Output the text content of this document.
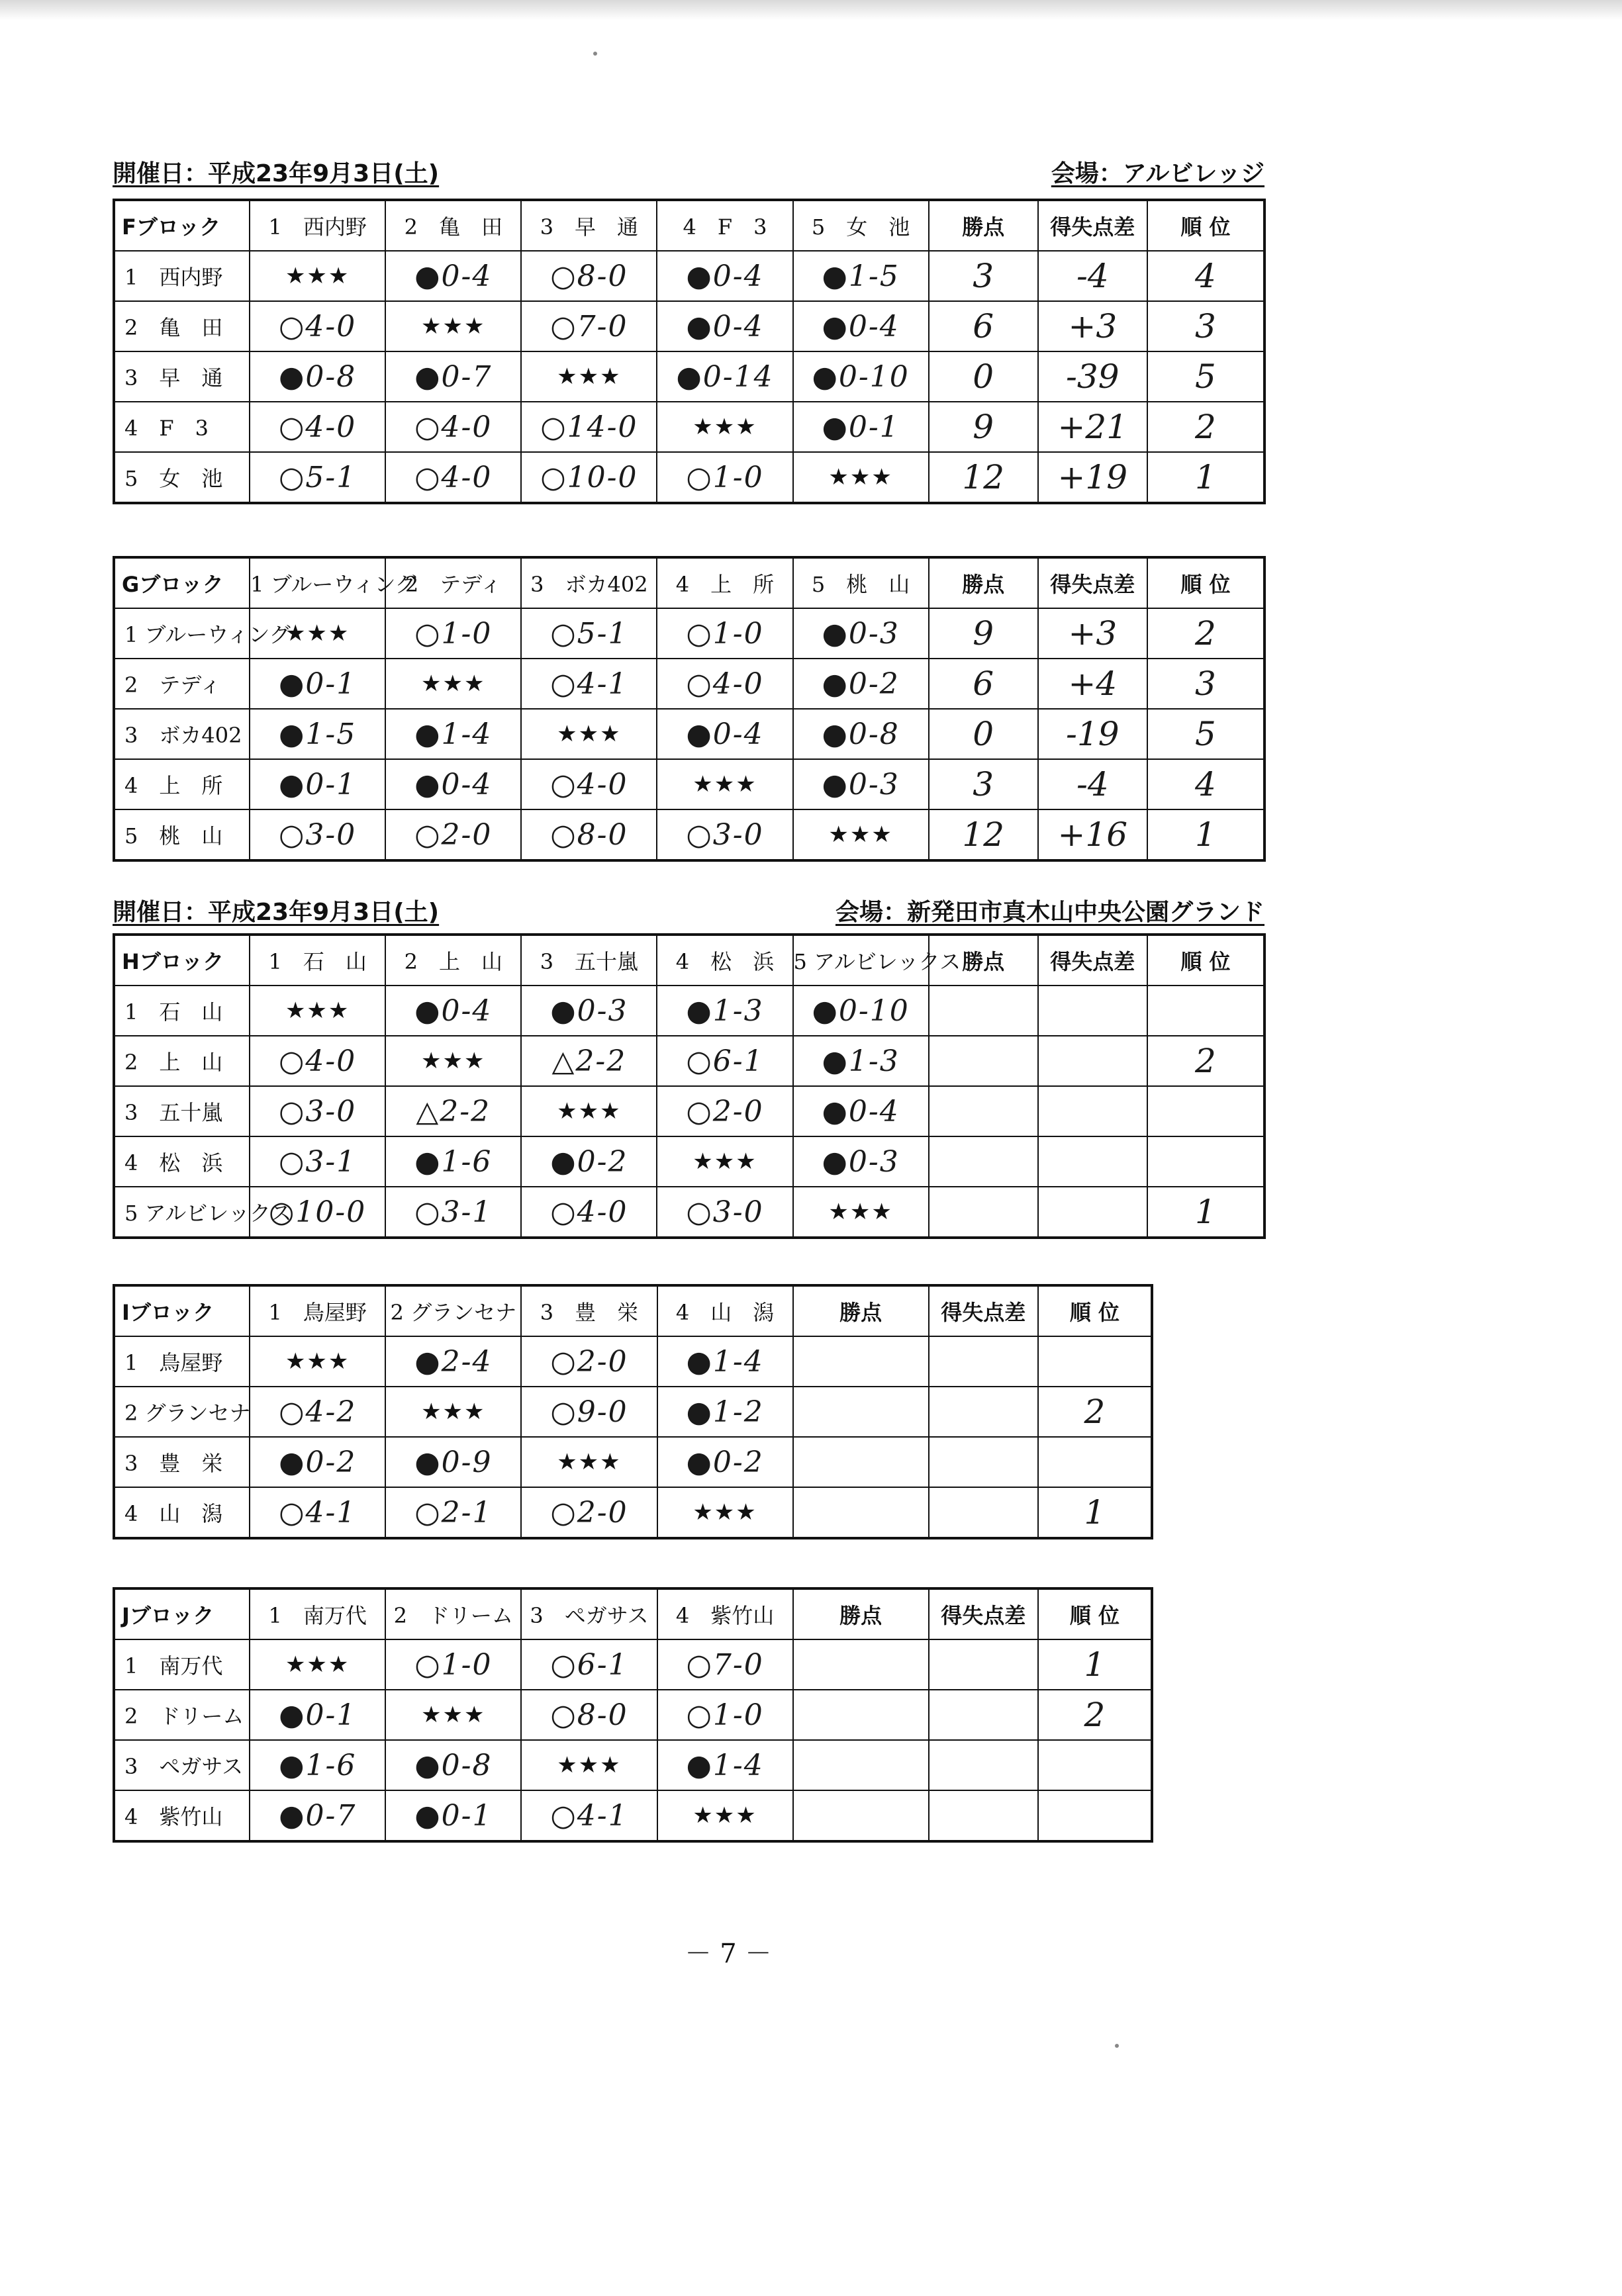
開催日：平成23年9月3日(土)	会場：アルビレッジ
Fブロック	1　西内野	2　亀　田	3　早　通	4　F　3	5　女　池	勝点	得失点差	順 位
1　西内野	★★★	●0-4	○8-0	●0-4	●1-5	3	-4	4
2　亀　田	○4-0	★★★	○7-0	●0-4	●0-4	6	+3	3
3　早　通	●0-8	●0-7	★★★	●0-14	●0-10	0	-39	5
4　F　3	○4-0	○4-0	○14-0	★★★	●0-1	9	+21	2
5　女　池	○5-1	○4-0	○10-0	○1-0	★★★	12	+19	1
Gブロック	1 ブルーウィング	2　テディ	3　ボカ402	4　上　所	5　桃　山	勝点	得失点差	順 位
1 ブルーウィング	★★★	○1-0	○5-1	○1-0	●0-3	9	+3	2
2　テディ	●0-1	★★★	○4-1	○4-0	●0-2	6	+4	3
3　ボカ402	●1-5	●1-4	★★★	●0-4	●0-8	0	-19	5
4　上　所	●0-1	●0-4	○4-0	★★★	●0-3	3	-4	4
5　桃　山	○3-0	○2-0	○8-0	○3-0	★★★	12	+16	1
開催日：平成23年9月3日(土)	会場：新発田市真木山中央公園グランド
Hブロック	1　石　山	2　上　山	3　五十嵐	4　松　浜	5 アルビレックス	勝点	得失点差	順 位
1　石　山	★★★	●0-4	●0-3	●1-3	●0-10			
2　上　山	○4-0	★★★	△2-2	○6-1	●1-3			2
3　五十嵐	○3-0	△2-2	★★★	○2-0	●0-4			
4　松　浜	○3-1	●1-6	●0-2	★★★	●0-3			
5 アルビレックス	○10-0	○3-1	○4-0	○3-0	★★★			1
Iブロック	1　鳥屋野	2 グランセナ	3　豊　栄	4　山　潟	勝点	得失点差	順 位
1　鳥屋野	★★★	●2-4	○2-0	●1-4			
2 グランセナ	○4-2	★★★	○9-0	●1-2			2
3　豊　栄	●0-2	●0-9	★★★	●0-2			
4　山　潟	○4-1	○2-1	○2-0	★★★			1
Jブロック	1　南万代	2　ドリーム	3　ペガサス	4　紫竹山	勝点	得失点差	順 位
1　南万代	★★★	○1-0	○6-1	○7-0			1
2　ドリーム	●0-1	★★★	○8-0	○1-0			2
3　ペガサス	●1-6	●0-8	★★★	●1-4			
4　紫竹山	●0-7	●0-1	○4-1	★★★			
－ 7 －
